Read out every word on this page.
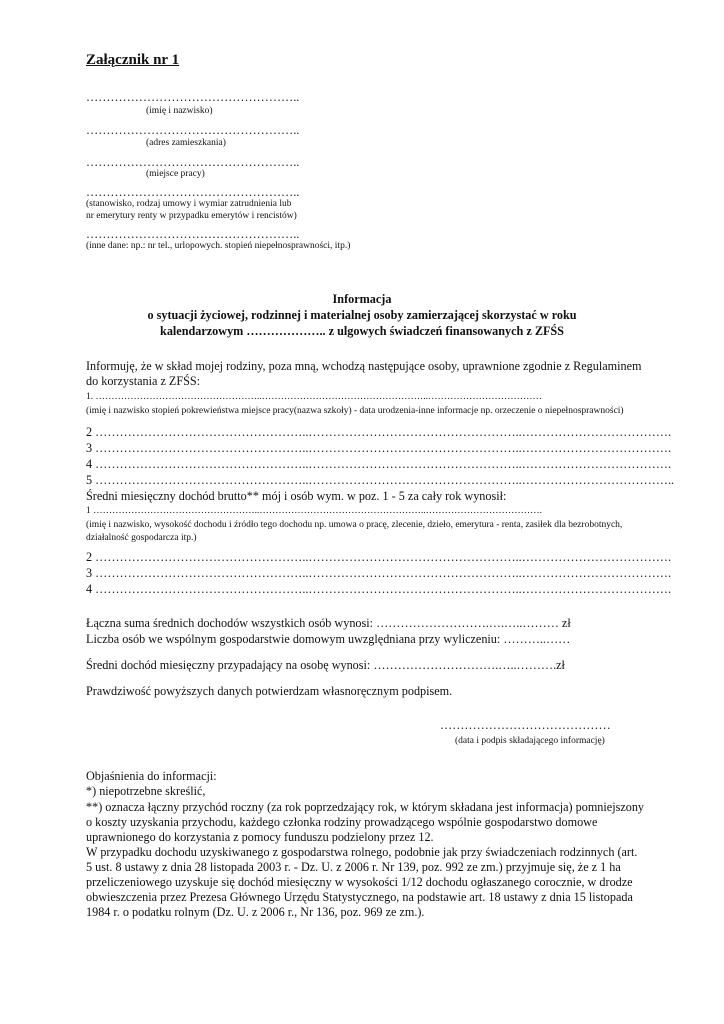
Załącznik nr 1
……………………………………………..
(imię i nazwisko)
……………………………………………..
(adres zamieszkania)
……………………………………………..
(miejsce pracy)
……………………………………………..
(stanowisko, rodzaj umowy i wymiar zatrudnienia lub
nr emerytury renty w przypadku emerytów i rencistów)
……………………………………………..
(inne dane: np.: nr tel., urlopowych. stopień niepełnosprawności, itp.)
Informacja
o sytuacji życiowej, rodzinnej i materialnej osoby zamierzającej skorzystać w roku
kalendarzowym ……………….. z ulgowych świadczeń finansowanych z ZFŚS
Informuję, że w skład mojej rodziny, poza mną, wchodzą następujące osoby, uprawnione zgodnie z Regulaminem
do korzystania z ZFŚS:
1. ……………………………………………..……………………………………………..………………………………
(imię i nazwisko stopień pokrewieństwa miejsce pracy(nazwa szkoły) - data urodzenia-inne informacje np. orzeczenie o niepełnosprawności)
2 ……………………………………………..……………………………………………..……………………………….
3 ……………………………………………..……………………………………………..……………………………….
4 ……………………………………………..……………………………………………..……………………………….
5 ……………………………………………..……………………………………………..………………………………..
Średni miesięczny dochód brutto** mój i osób wym. w poz. 1 - 5 za cały rok wynosił:
1 ……………………………………………..……………………………………………..……………………………….
(imię i nazwisko, wysokość dochodu i źródło tego dochodu np. umowa o pracę, zlecenie, dzieło, emerytura - renta, zasiłek dla bezrobotnych,
działalność gospodarcza itp.)
2 ……………………………………………..……………………………………………..……………………………….
3 ……………………………………………..……………………………………………..……………………………….
4 ……………………………………………..……………………………………………..……………………………….
Łączna suma średnich dochodów wszystkich osób wynosi: ……………………….….…..……… zł
Liczba osób we wspólnym gospodarstwie domowym uwzględniana przy wyliczeniu: ………..……
Średni dochód miesięczny przypadający na osobę wynosi: ………………………….…..……….zł
Prawdziwość powyższych danych potwierdzam własnoręcznym podpisem.
……………………………………
(data i podpis składającego informację)
Objaśnienia do informacji:
*) niepotrzebne skreślić,
**) oznacza łączny przychód roczny (za rok poprzedzający rok, w którym składana jest informacja) pomniejszony
o koszty uzyskania przychodu, każdego członka rodziny prowadzącego wspólnie gospodarstwo domowe
uprawnionego do korzystania z pomocy funduszu podzielony przez 12.
W przypadku dochodu uzyskiwanego z gospodarstwa rolnego, podobnie jak przy świadczeniach rodzinnych (art.
5 ust. 8 ustawy z dnia 28 listopada 2003 r. - Dz. U. z 2006 r. Nr 139, poz. 992 ze zm.) przyjmuje się, że z 1 ha
przeliczeniowego uzyskuje się dochód miesięczny w wysokości 1/12 dochodu ogłaszanego corocznie, w drodze
obwieszczenia przez Prezesa Głównego Urzędu Statystycznego, na podstawie art. 18 ustawy z dnia 15 listopada
1984 r. o podatku rolnym (Dz. U. z 2006 r., Nr 136, poz. 969 ze zm.).
